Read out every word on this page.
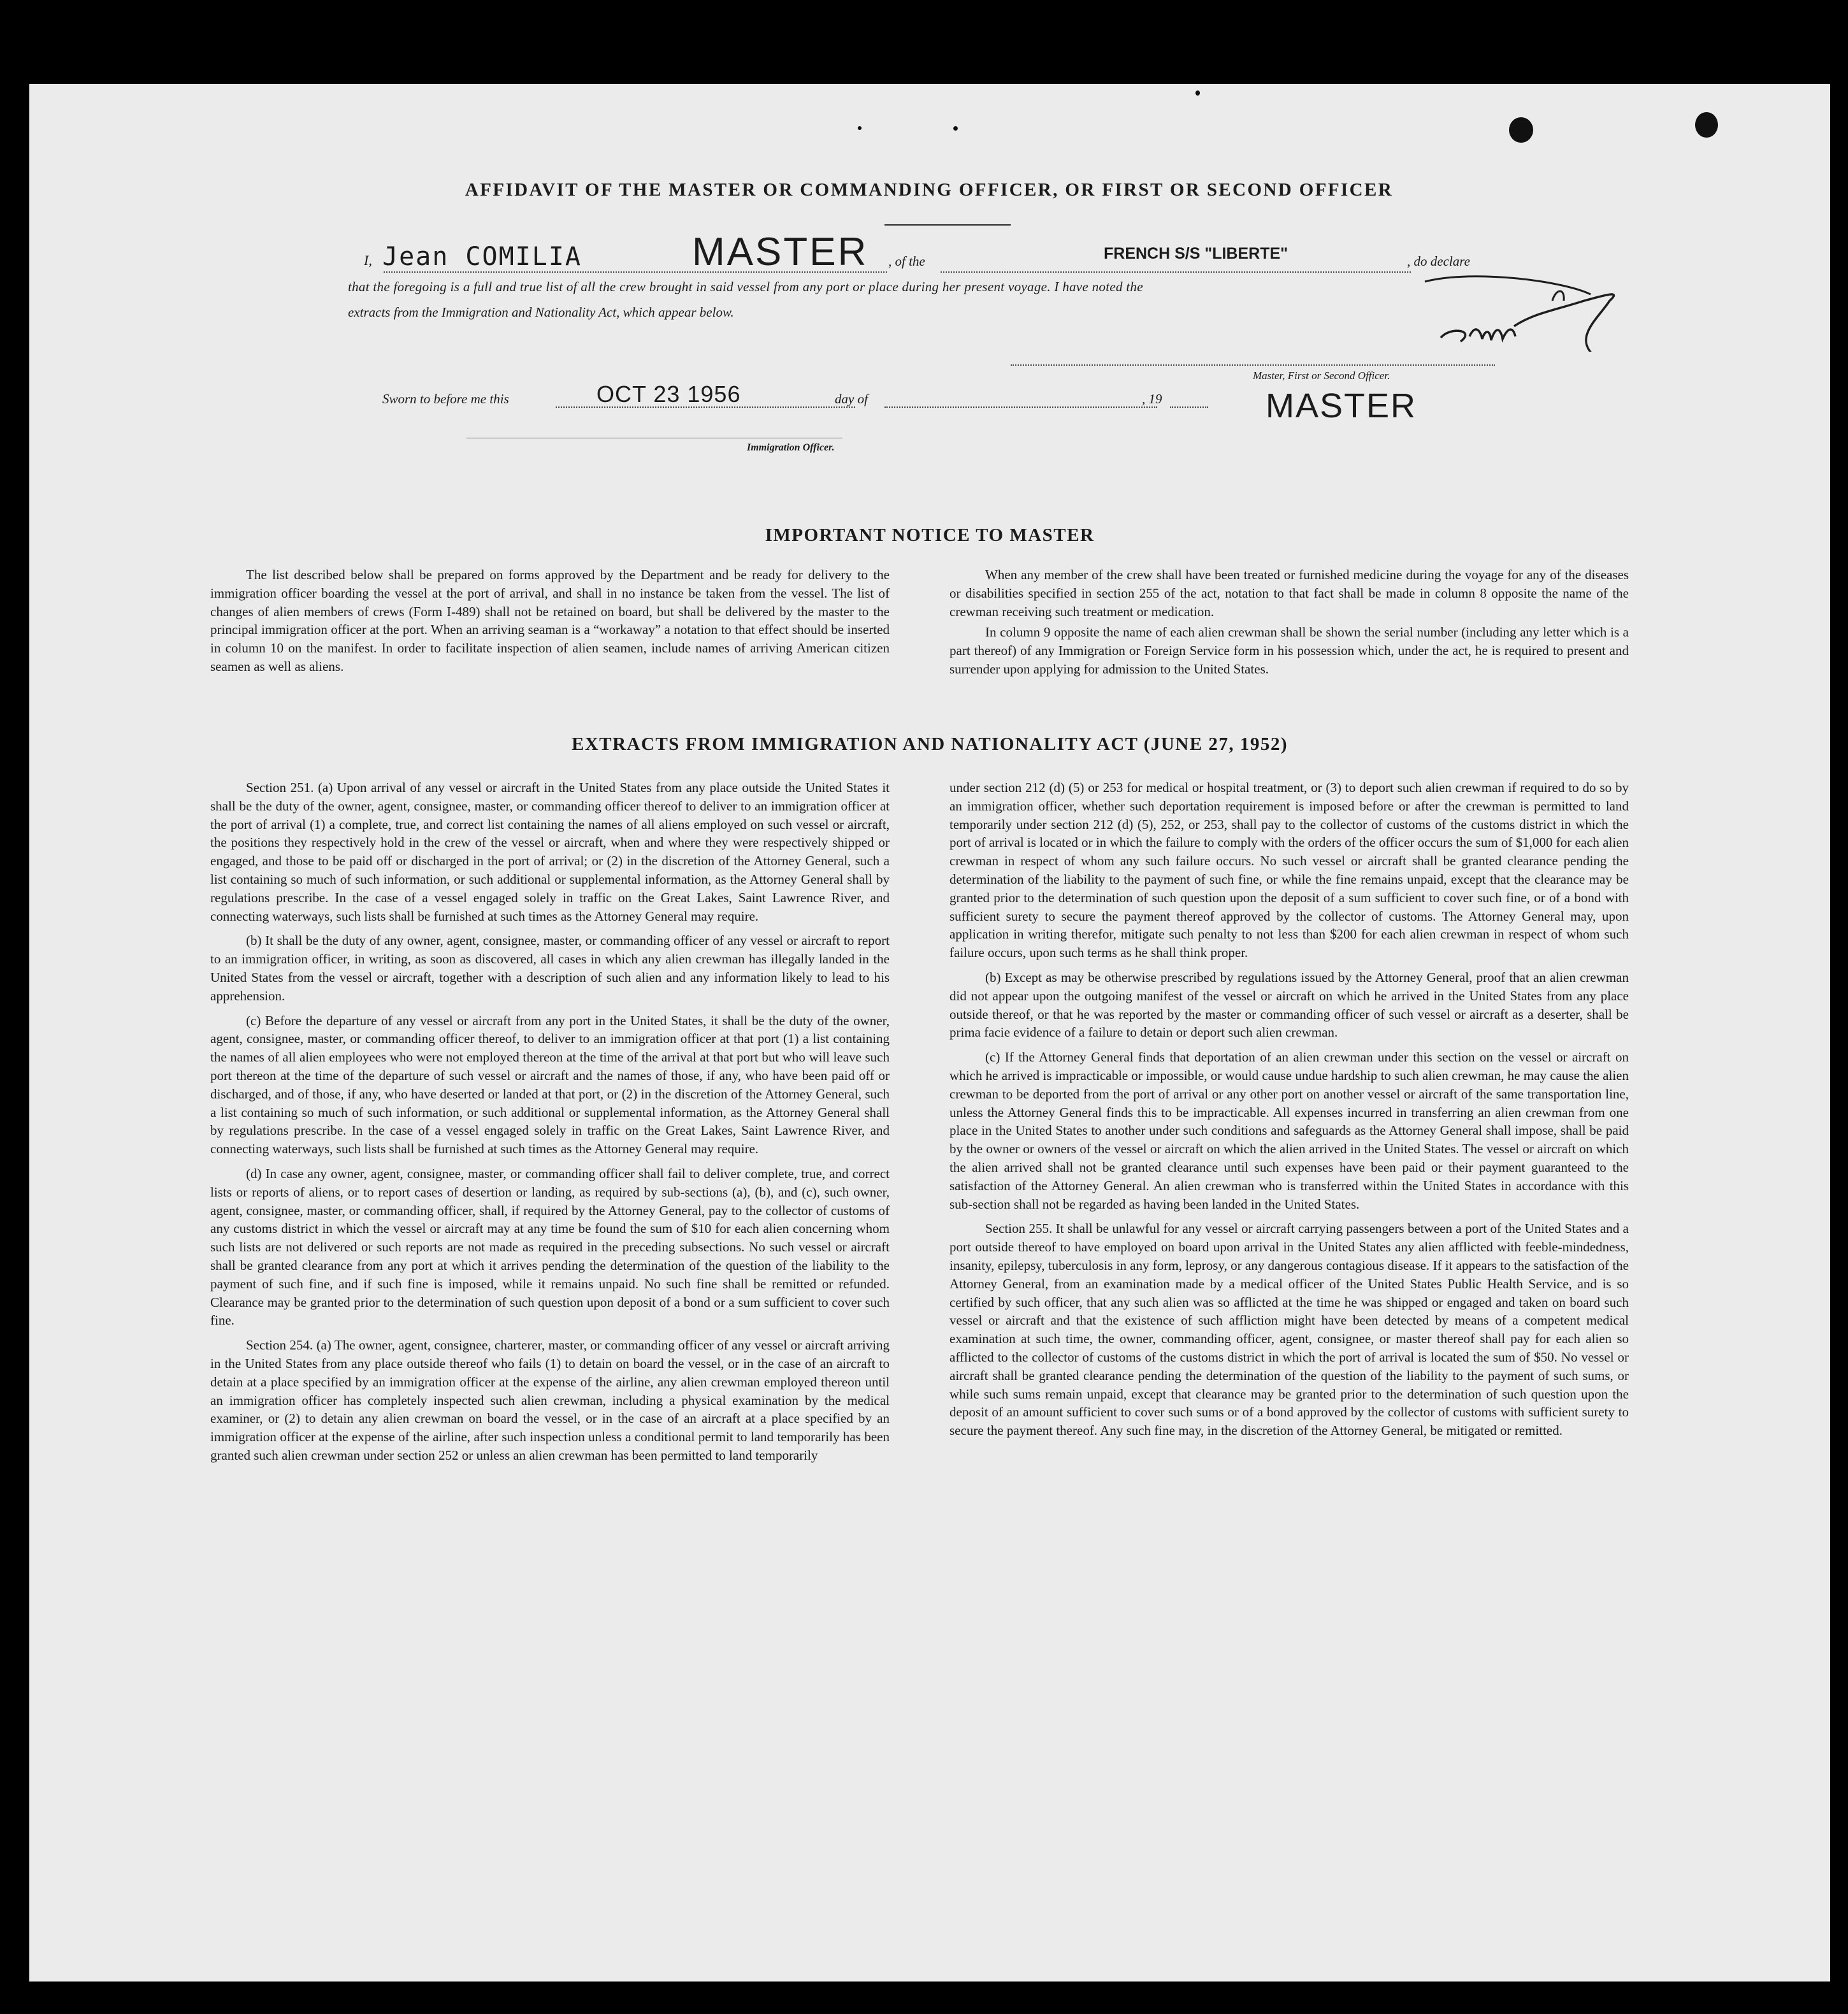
AFFIDAVIT OF THE MASTER OR COMMANDING OFFICER, OR FIRST OR SECOND OFFICER
I, Jean COMILIA	MASTER , of the	FRENCH S/S "LIBERTE"	, do declare
that the foregoing is a full and true list of all the crew brought in said vessel from any port or place during her present voyage. I have noted the
extracts from the Immigration and Nationality Act, which appear below.
Master, First or Second Officer.
MASTER
Sworn to before me this	OCT 23 1956	day of	, 19
Immigration Officer.
IMPORTANT NOTICE TO MASTER

The list described below shall be prepared on forms approved by the Department and be ready for delivery to the immigration officer boarding the vessel at the port of arrival, and shall in no instance be taken from the vessel. The list of changes of alien members of crews (Form I-489) shall not be retained on board, but shall be delivered by the master to the principal immigration officer at the port. When an arriving seaman is a “workaway” a notation to that effect should be inserted in column 10 on the manifest. In order to facilitate inspection of alien seamen, include names of arriving American citizen seamen as well as aliens.

When any member of the crew shall have been treated or furnished medicine during the voyage for any of the diseases or disabilities specified in section 255 of the act, notation to that fact shall be made in column 8 opposite the name of the crewman receiving such treatment or medication.

In column 9 opposite the name of each alien crewman shall be shown the serial number (including any letter which is a part thereof) of any Immigration or Foreign Service form in his possession which, under the act, he is required to present and surrender upon applying for admission to the United States.

EXTRACTS FROM IMMIGRATION AND NATIONALITY ACT (JUNE 27, 1952)

Section 251. (a) Upon arrival of any vessel or aircraft in the United States from any place outside the United States it shall be the duty of the owner, agent, consignee, master, or commanding officer thereof to deliver to an immigration officer at the port of arrival (1) a complete, true, and correct list containing the names of all aliens employed on such vessel or aircraft, the positions they respectively hold in the crew of the vessel or aircraft, when and where they were respectively shipped or engaged, and those to be paid off or discharged in the port of arrival; or (2) in the discretion of the Attorney General, such a list containing so much of such information, or such additional or supplemental information, as the Attorney General shall by regulations prescribe. In the case of a vessel engaged solely in traffic on the Great Lakes, Saint Lawrence River, and connecting waterways, such lists shall be furnished at such times as the Attorney General may require.

(b) It shall be the duty of any owner, agent, consignee, master, or commanding officer of any vessel or aircraft to report to an immigration officer, in writing, as soon as discovered, all cases in which any alien crewman has illegally landed in the United States from the vessel or aircraft, together with a description of such alien and any information likely to lead to his apprehension.

(c) Before the departure of any vessel or aircraft from any port in the United States, it shall be the duty of the owner, agent, consignee, master, or commanding officer thereof, to deliver to an immigration officer at that port (1) a list containing the names of all alien employees who were not employed thereon at the time of the arrival at that port but who will leave such port thereon at the time of the departure of such vessel or aircraft and the names of those, if any, who have been paid off or discharged, and of those, if any, who have deserted or landed at that port, or (2) in the discretion of the Attorney General, such a list containing so much of such information, or such additional or supplemental information, as the Attorney General shall by regulations prescribe. In the case of a vessel engaged solely in traffic on the Great Lakes, Saint Lawrence River, and connecting waterways, such lists shall be furnished at such times as the Attorney General may require.

(d) In case any owner, agent, consignee, master, or commanding officer shall fail to deliver complete, true, and correct lists or reports of aliens, or to report cases of desertion or landing, as required by sub-sections (a), (b), and (c), such owner, agent, consignee, master, or commanding officer, shall, if required by the Attorney General, pay to the collector of customs of any customs district in which the vessel or aircraft may at any time be found the sum of $10 for each alien concerning whom such lists are not delivered or such reports are not made as required in the preceding subsections. No such vessel or aircraft shall be granted clearance from any port at which it arrives pending the determination of the question of the liability to the payment of such fine, and if such fine is imposed, while it remains unpaid. No such fine shall be remitted or refunded. Clearance may be granted prior to the determination of such question upon deposit of a bond or a sum sufficient to cover such fine.

Section 254. (a) The owner, agent, consignee, charterer, master, or commanding officer of any vessel or aircraft arriving in the United States from any place outside thereof who fails (1) to detain on board the vessel, or in the case of an aircraft to detain at a place specified by an immigration officer at the expense of the airline, any alien crewman employed thereon until an immigration officer has completely inspected such alien crewman, including a physical examination by the medical examiner, or (2) to detain any alien crewman on board the vessel, or in the case of an aircraft at a place specified by an immigration officer at the expense of the airline, after such inspection unless a conditional permit to land temporarily has been granted such alien crewman under section 252 or unless an alien crewman has been permitted to land temporarily

under section 212 (d) (5) or 253 for medical or hospital treatment, or (3) to deport such alien crewman if required to do so by an immigration officer, whether such deportation requirement is imposed before or after the crewman is permitted to land temporarily under section 212 (d) (5), 252, or 253, shall pay to the collector of customs of the customs district in which the port of arrival is located or in which the failure to comply with the orders of the officer occurs the sum of $1,000 for each alien crewman in respect of whom any such failure occurs. No such vessel or aircraft shall be granted clearance pending the determination of the liability to the payment of such fine, or while the fine remains unpaid, except that the clearance may be granted prior to the determination of such question upon the deposit of a sum sufficient to cover such fine, or of a bond with sufficient surety to secure the payment thereof approved by the collector of customs. The Attorney General may, upon application in writing therefor, mitigate such penalty to not less than $200 for each alien crewman in respect of whom such failure occurs, upon such terms as he shall think proper.

(b) Except as may be otherwise prescribed by regulations issued by the Attorney General, proof that an alien crewman did not appear upon the outgoing manifest of the vessel or aircraft on which he arrived in the United States from any place outside thereof, or that he was reported by the master or commanding officer of such vessel or aircraft as a deserter, shall be prima facie evidence of a failure to detain or deport such alien crewman.

(c) If the Attorney General finds that deportation of an alien crewman under this section on the vessel or aircraft on which he arrived is impracticable or impossible, or would cause undue hardship to such alien crewman, he may cause the alien crewman to be deported from the port of arrival or any other port on another vessel or aircraft of the same transportation line, unless the Attorney General finds this to be impracticable. All expenses incurred in transferring an alien crewman from one place in the United States to another under such conditions and safeguards as the Attorney General shall impose, shall be paid by the owner or owners of the vessel or aircraft on which the alien arrived in the United States. The vessel or aircraft on which the alien arrived shall not be granted clearance until such expenses have been paid or their payment guaranteed to the satisfaction of the Attorney General. An alien crewman who is transferred within the United States in accordance with this sub-section shall not be regarded as having been landed in the United States.

Section 255. It shall be unlawful for any vessel or aircraft carrying passengers between a port of the United States and a port outside thereof to have employed on board upon arrival in the United States any alien afflicted with feeble-mindedness, insanity, epilepsy, tuberculosis in any form, leprosy, or any dangerous contagious disease. If it appears to the satisfaction of the Attorney General, from an examination made by a medical officer of the United States Public Health Service, and is so certified by such officer, that any such alien was so afflicted at the time he was shipped or engaged and taken on board such vessel or aircraft and that the existence of such affliction might have been detected by means of a competent medical examination at such time, the owner, commanding officer, agent, consignee, or master thereof shall pay for each alien so afflicted to the collector of customs of the customs district in which the port of arrival is located the sum of $50. No vessel or aircraft shall be granted clearance pending the determination of the question of the liability to the payment of such sums, or while such sums remain unpaid, except that clearance may be granted prior to the determination of such question upon the deposit of an amount sufficient to cover such sums or of a bond approved by the collector of customs with sufficient surety to secure the payment thereof. Any such fine may, in the discretion of the Attorney General, be mitigated or remitted.
